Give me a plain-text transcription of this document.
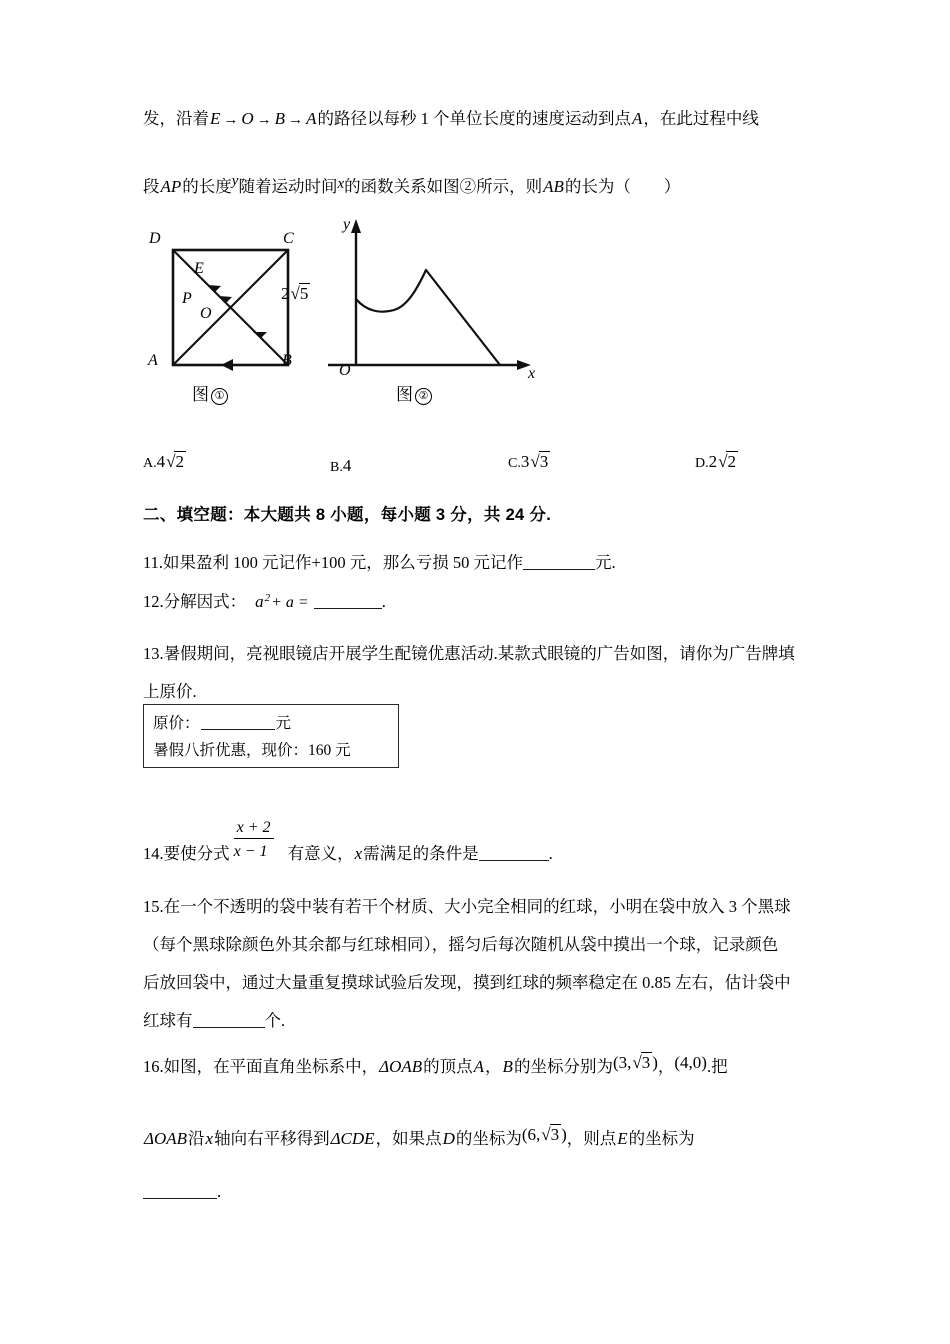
发，沿着E → O → B → A的路径以每秒 1 个单位长度的速度运动到点A，在此过程中线
段AP的长度y随着运动时间x的函数关系如图②所示，则AB的长为（　　）
D	C
A	B
E
P
O
图 ①
y
x
O
2√5
图 ②
A.4√2	B.4	C.3√3	D.2√2
二、填空题：本大题共 8 小题，每小题 3 分，共 24 分.
11.如果盈利 100 元记作+100 元，那么亏损 50 元记作	元.
12.分解因式： $a^2+ a$ =	.
13.暑假期间，亮视眼镜店开展学生配镜优惠活动.某款式眼镜的广告如图，请你为广告牌填
上原价.
原价：	元
暑假八折优惠，现价：160 元
14.要使分式 $\frac{x + 2}{x - 1}$ 有意义，x需满足的条件是	.
15.在一个不透明的袋中装有若干个材质、大小完全相同的红球，小明在袋中放入 3 个黑球
（每个黑球除颜色外其余都与红球相同），摇匀后每次随机从袋中摸出一个球，记录颜色
后放回袋中，通过大量重复摸球试验后发现，摸到红球的频率稳定在 0.85 左右，估计袋中
红球有	个.
16.如图，在平面直角坐标系中，ΔOAB的顶点A，B的坐标分别为(3,√3 )，(4,0).把
ΔOAB沿x轴向右平移得到ΔCDE，如果点D的坐标为(6,√3 )，则点E的坐标为
.
